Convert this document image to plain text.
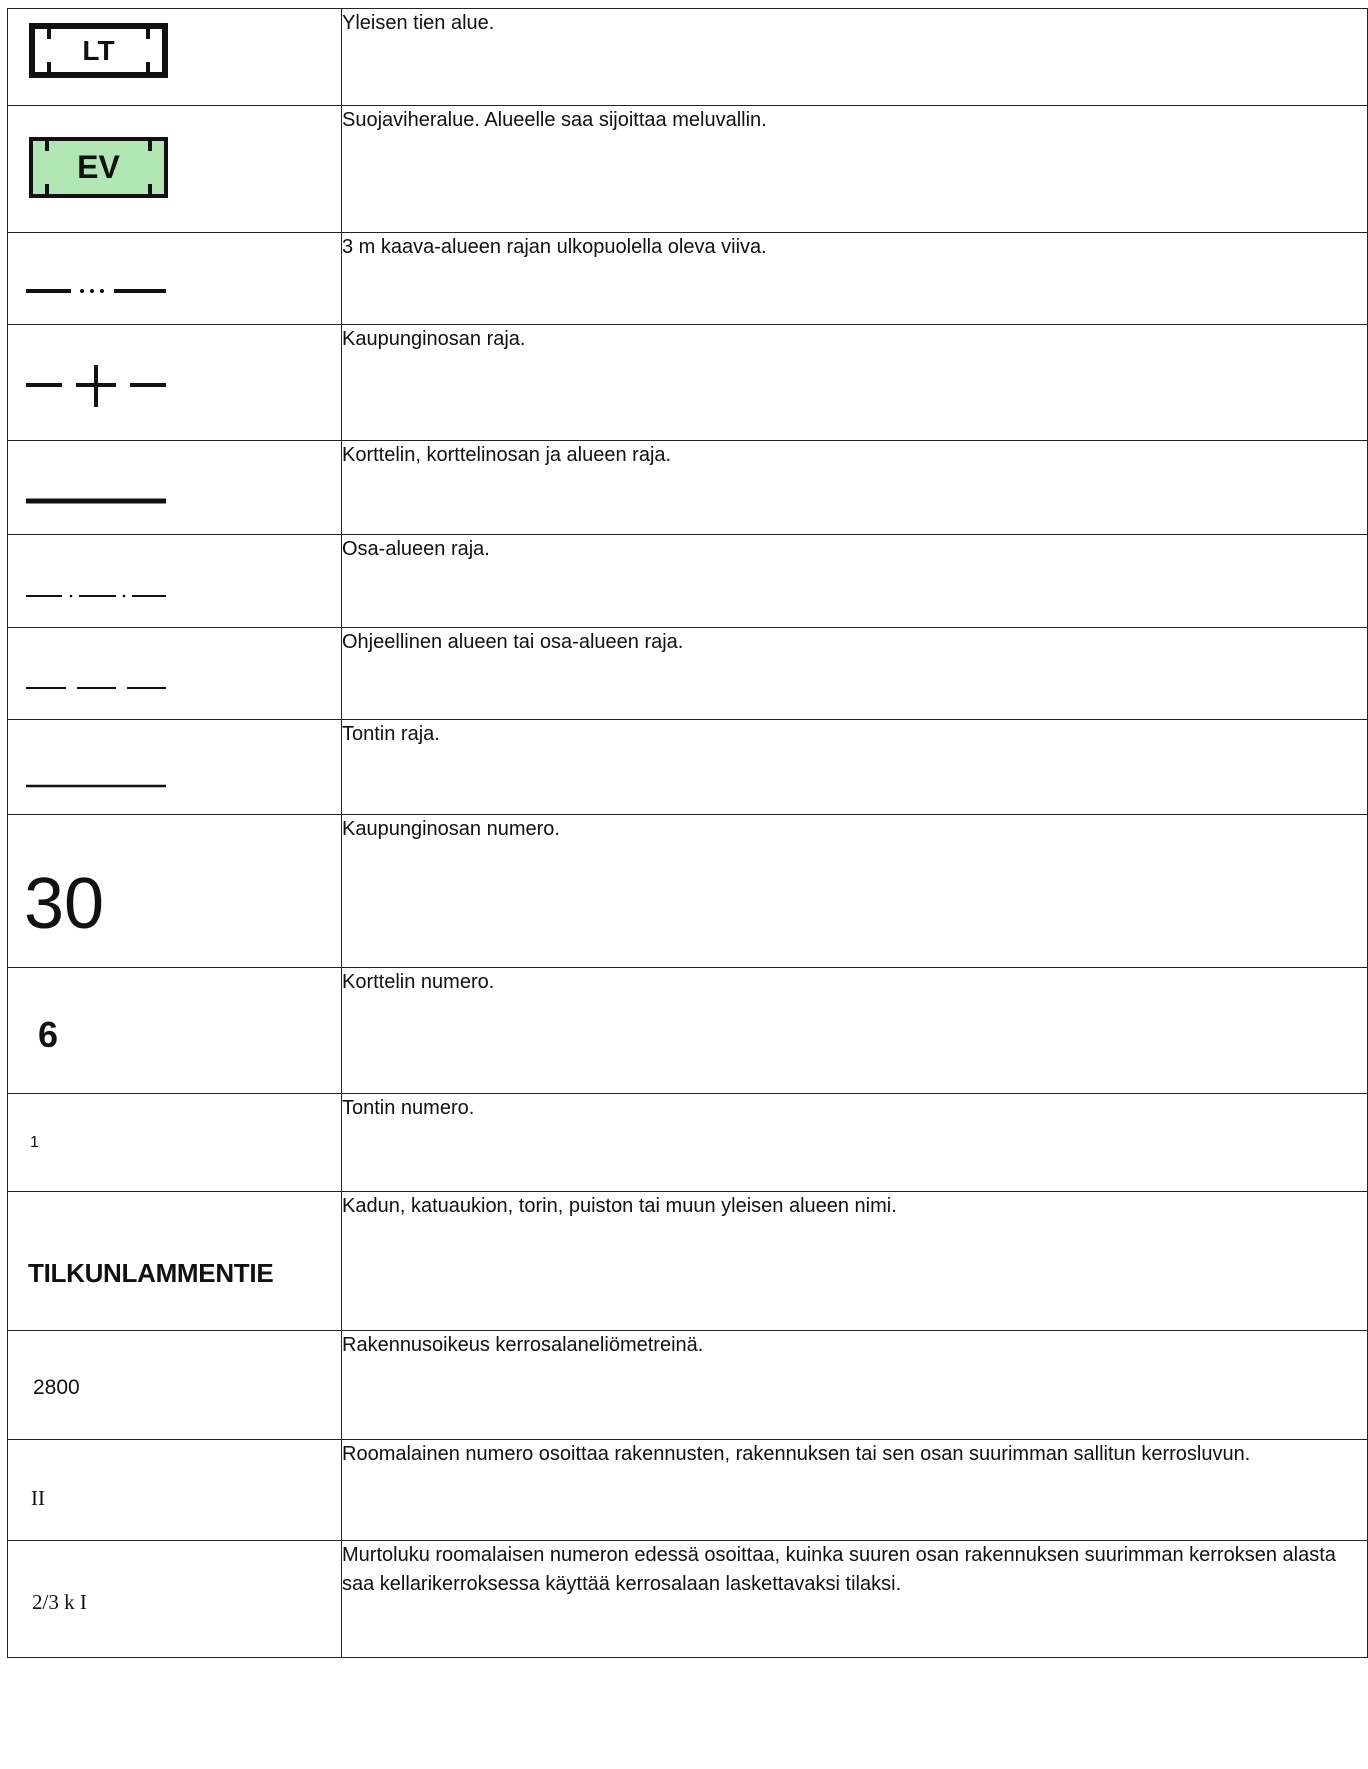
LT	Yleisen tien alue.

EV	Suojaviheralue. Alueelle saa sijoittaa meluvallin.

	3 m kaava-alueen rajan ulkopuolella oleva viiva.

	Kaupunginosan raja.

	Korttelin, korttelinosan ja alueen raja.

	Osa-alueen raja.

	Ohjeellinen alueen tai osa-alueen raja.

	Tontin raja.

30	Kaupunginosan numero.

6	Korttelin numero.

1	Tontin numero.

TILKUNLAMMENTIE	Kadun, katuaukion, torin, puiston tai muun yleisen alueen nimi.

2800	Rakennusoikeus kerrosalaneliömetreinä.

II	Roomalainen numero osoittaa rakennusten, rakennuksen tai sen osan suurimman sallitun kerrosluvun.

2/3 k I	Murtoluku roomalaisen numeron edessä osoittaa, kuinka suuren osan rakennuksen suurimman kerroksen alasta saa kellarikerroksessa käyttää kerrosalaan laskettavaksi tilaksi.
